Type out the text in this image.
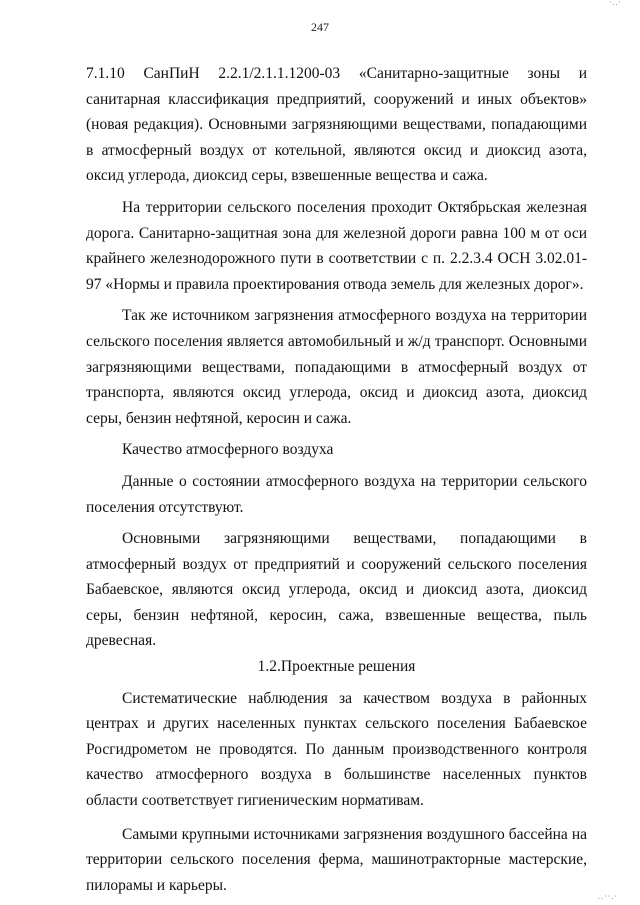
·..·
247

7.1.10 СанПиН 2.2.1/2.1.1.1200-03 «Санитарно-защитные зоны и санитарная классификация предприятий, сооружений и иных объектов» (новая редакция). Основными загрязняющими веществами, попадающими в атмосферный воздух от котельной, являются оксид и диоксид азота, оксид углерода, диоксид серы, взвешенные вещества и сажа.

На территории сельского поселения проходит Октябрьская железная дорога. Санитарно-защитная зона для железной дороги равна 100 м от оси крайнего железнодорожного пути в соответствии с п. 2.2.3.4 ОСН 3.02.01-97 «Нормы и правила проектирования отвода земель для железных дорог».

Так же источником загрязнения атмосферного воздуха на территории сельского поселения является автомобильный и ж/д транспорт. Основными загрязняющими веществами, попадающими в атмосферный воздух от транспорта, являются оксид углерода, оксид и диоксид азота, диоксид серы, бензин нефтяной, керосин и сажа.

Качество атмосферного воздуха

Данные о состоянии атмосферного воздуха на территории сельского поселения отсутствуют.

Основными загрязняющими веществами, попадающими в атмосферный воздух от предприятий и сооружений сельского поселения Бабаевское, являются оксид углерода, оксид и диоксид азота, диоксид серы, бензин нефтяной, керосин, сажа, взвешенные вещества, пыль древесная.

1.2.Проектные решения

Систематические наблюдения за качеством воздуха в районных центрах и других населенных пунктах сельского поселения Бабаевское Росгидрометом не проводятся. По данным производственного контроля качество атмосферного воздуха в большинстве населенных пунктов области соответствует гигиеническим нормативам.

Самыми крупными источниками загрязнения воздушного бассейна на территории сельского поселения ферма, машинотракторные мастерские, пилорамы и карьеры.

..··.·
